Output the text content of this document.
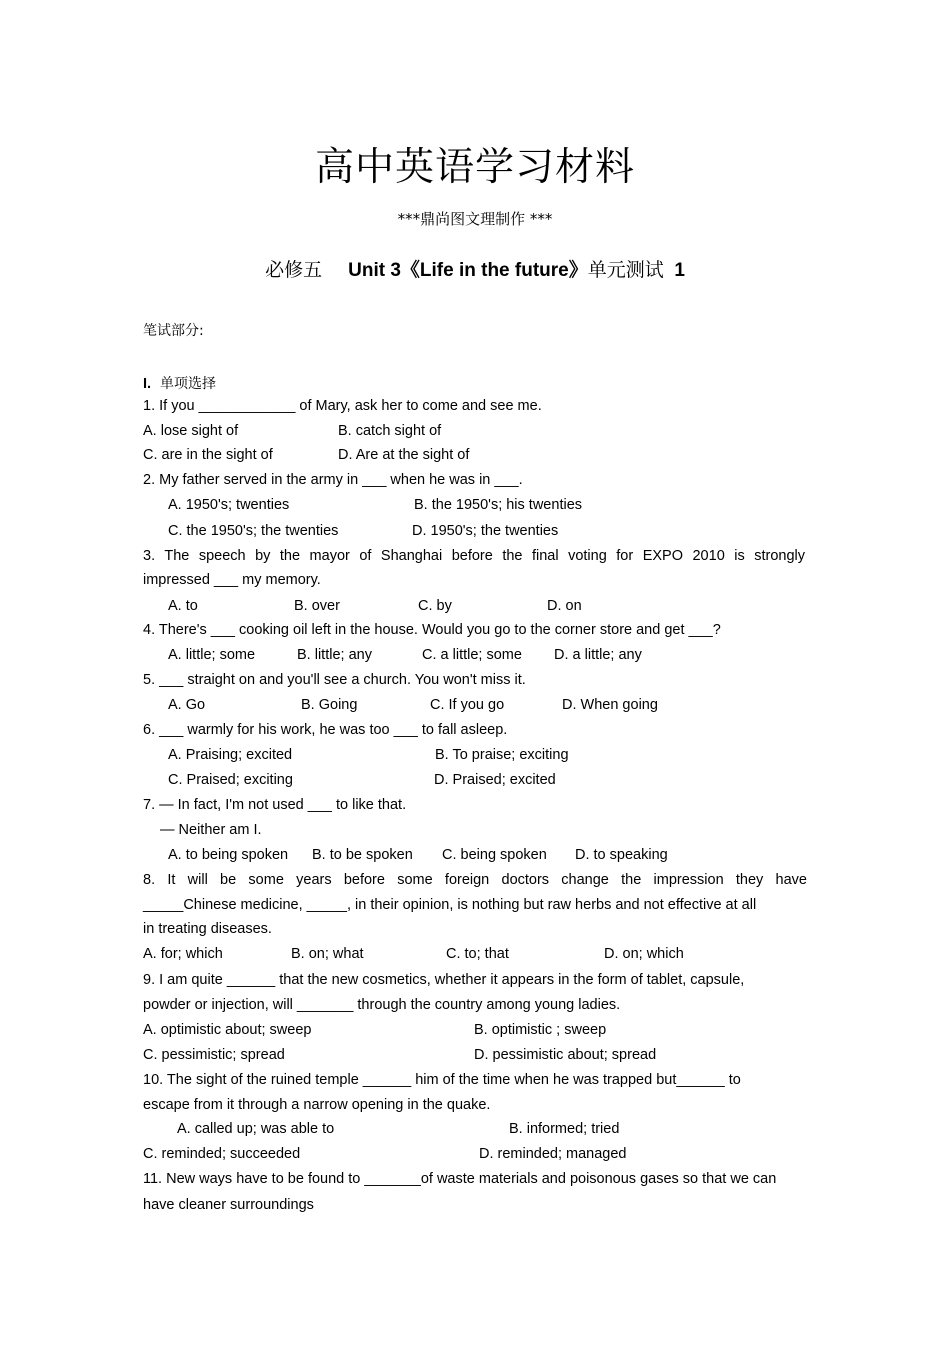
高中英语学习材料
***鼎尚图文理制作 ***
必修五 Unit 3《Life in the future》单元测试 1
笔试部分:
I. 单项选择
1. If you ____________ of Mary, ask her to come and see me.
A. lose sight of	B. catch sight of
C. are in the sight of	D. Are at the sight of
2. My father served in the army in ___ when he was in ___.
A. 1950's; twenties	B. the 1950's; his twenties
C. the 1950's; the twenties	D. 1950's; the twenties
3. The speech by the mayor of Shanghai before the final voting for EXPO 2010 is strongly
impressed ___ my memory.
A. to	B. over	C. by	D. on
4. There's ___ cooking oil left in the house. Would you go to the corner store and get ___?
A. little; some	B. little; any	C. a little; some D. a little; any
5. ___ straight on and you'll see a church. You won't miss it.
A. Go	B. Going	C. If you go	D. When going
6. ___ warmly for his work, he was too ___ to fall asleep.
A. Praising; excited	B. To praise; exciting
C. Praised; exciting	D. Praised; excited
7. — In fact, I'm not used ___ to like that.
— Neither am I.
A. to being spoken B. to be spoken C. being spoken D. to speaking
8. It will be some years before some foreign doctors change the impression they have
_____Chinese medicine, _____, in their opinion, is nothing but raw herbs and not effective at all
in treating diseases.
A. for; which	B. on; what	C. to; that	D. on; which
9. I am quite ______ that the new cosmetics, whether it appears in the form of tablet, capsule,
powder or injection, will _______ through the country among young ladies.
A. optimistic about; sweep	B. optimistic ; sweep
C. pessimistic; spread	D. pessimistic about; spread
10. The sight of the ruined temple ______ him of the time when he was trapped but______ to
escape from it through a narrow opening in the quake.
A. called up; was able to	B. informed; tried
C. reminded; succeeded	D. reminded; managed
11. New ways have to be found to _______of waste materials and poisonous gases so that we can
have cleaner surroundings
